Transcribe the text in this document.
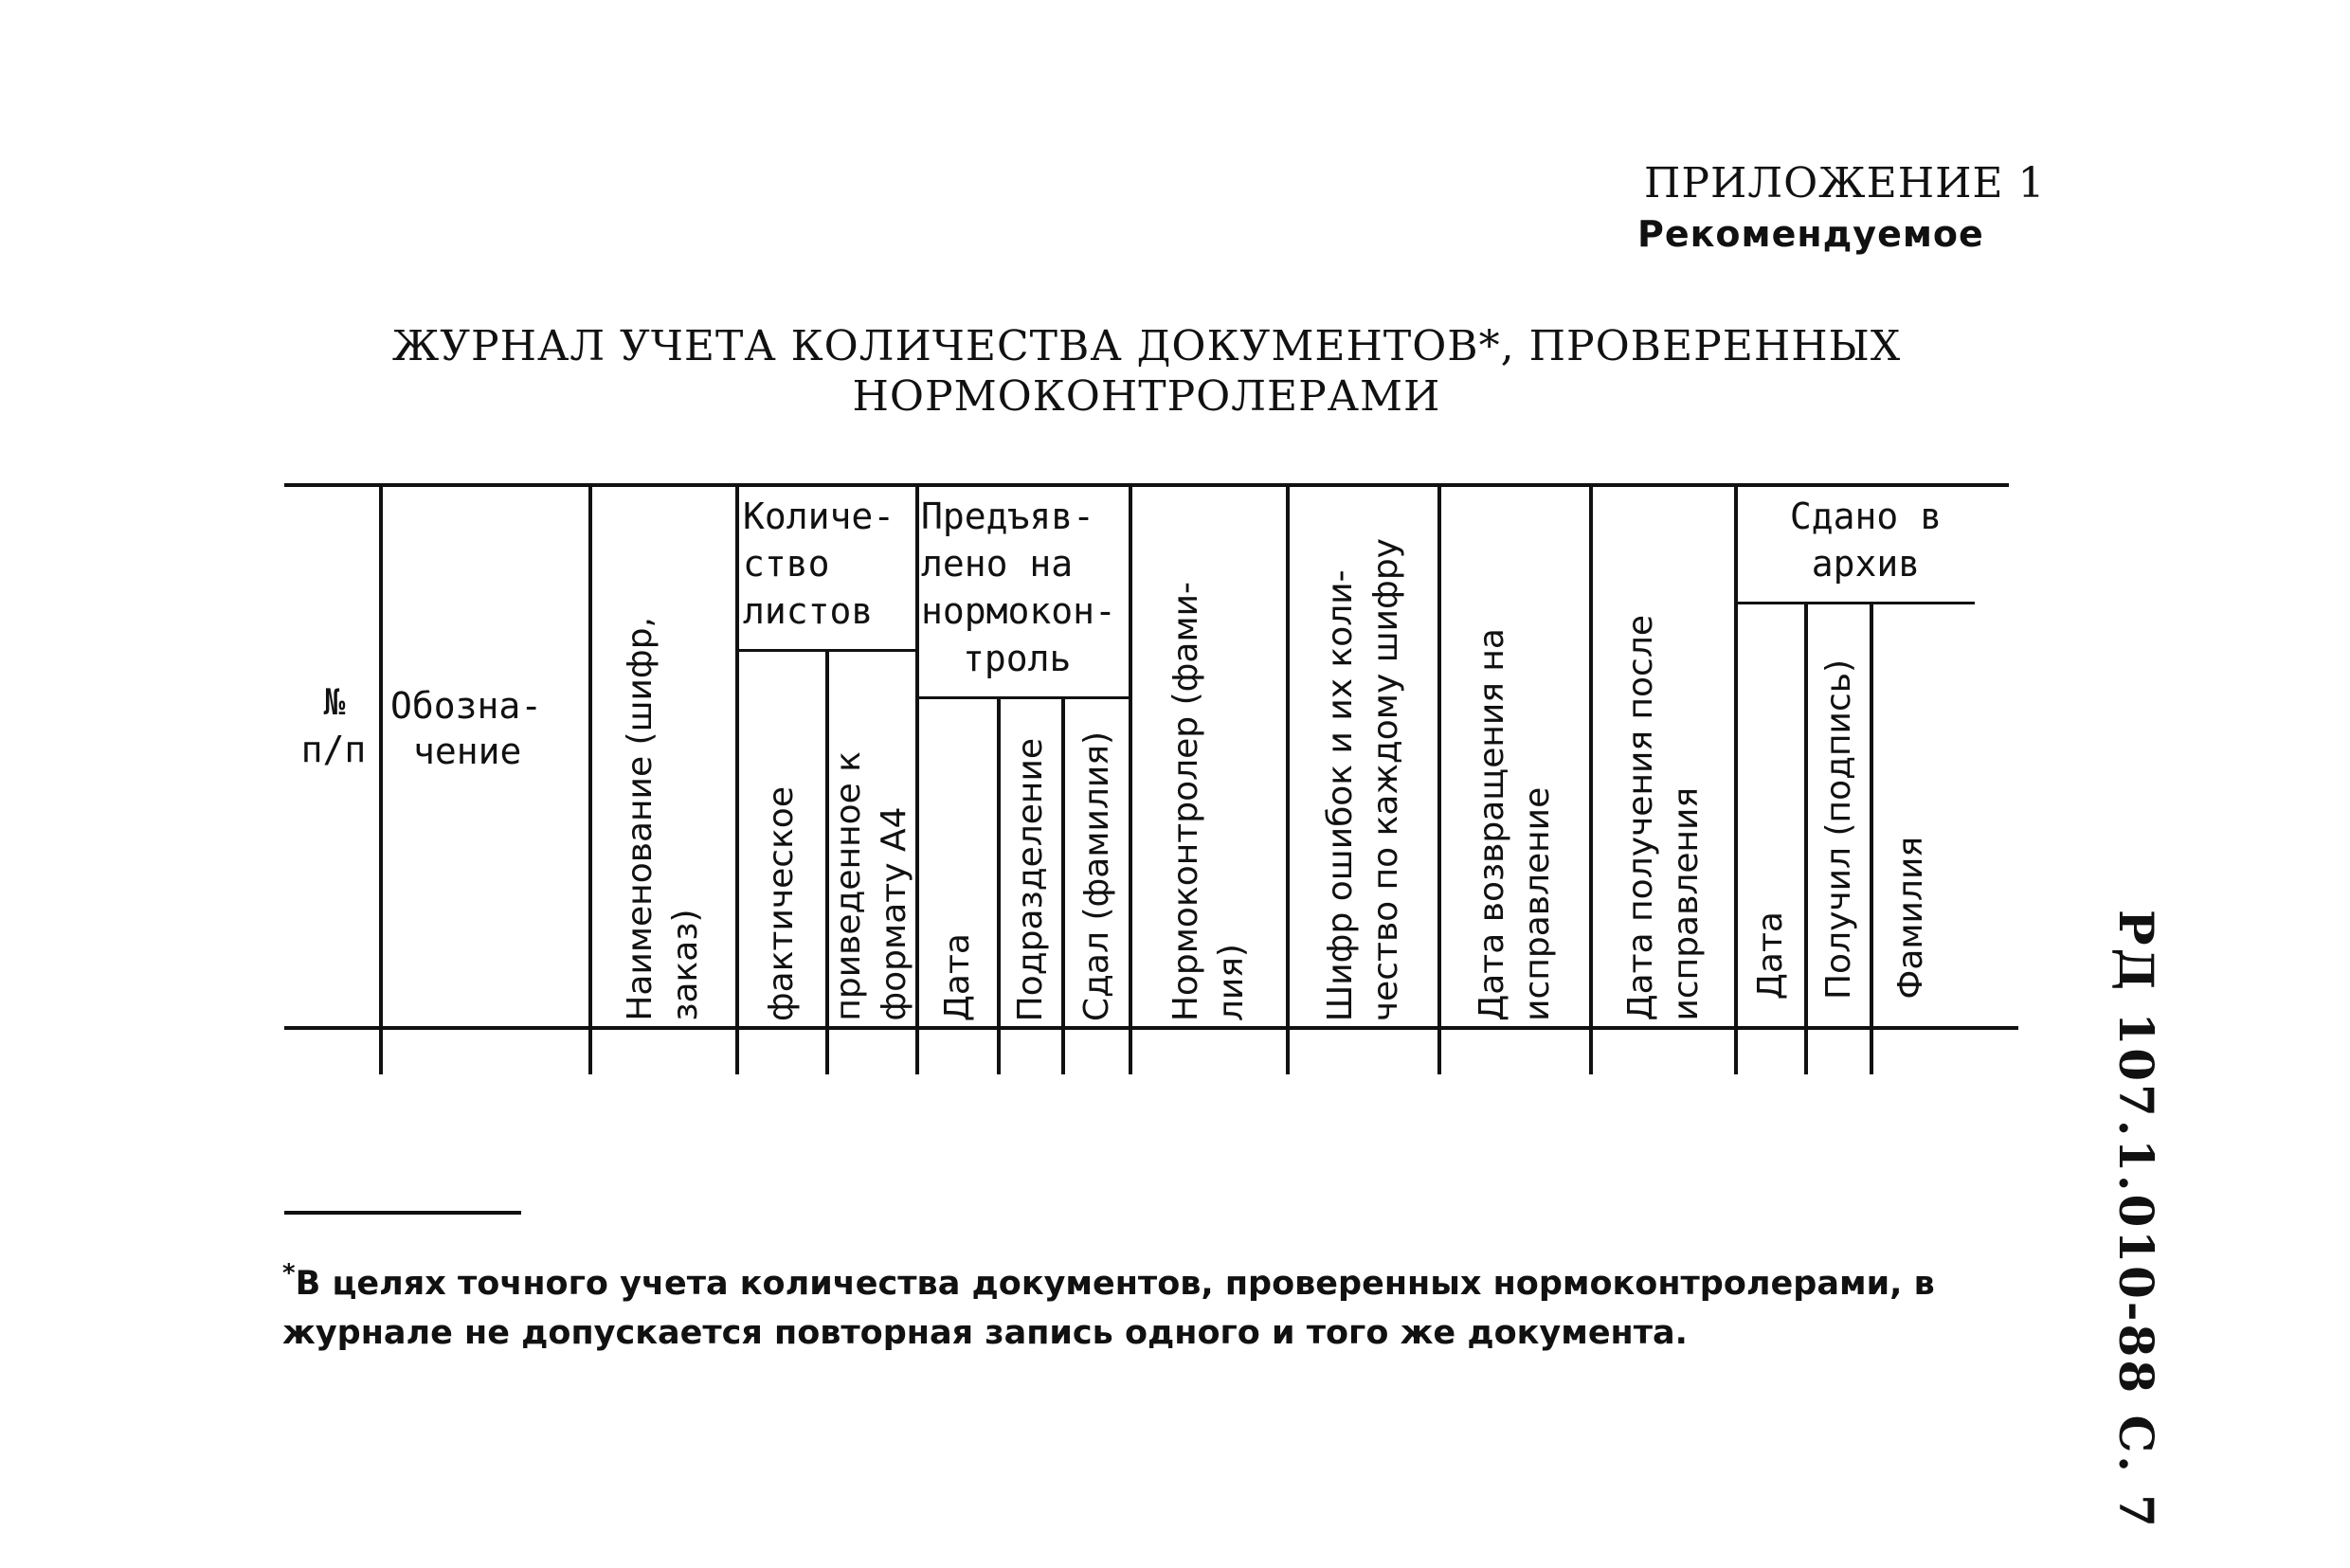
ПРИЛОЖЕНИЕ 1
Рекомендуемое
ЖУРНАЛ УЧЕТА КОЛИЧЕСТВА ДОКУМЕНТОВ*, ПРОВЕРЕННЫХ
НОРМОКОНТРОЛЕРАМИ
№
п/п
Обозна-
чение
Количе-
ство
листов
Предъяв-
лено на
нормокон-
троль
Сдано в
архив
Наименование (шифр,
заказ) фактическое приведенное к
формату А4
Дата Подразделение Сдал (фамилия) Нормоконтролер (фами-
лия) Шифр ошибок и их коли-
чество по каждому шифру
Дата возвращения на
исправление Дата получения после
исправления Дата Получил (подпись) Фамилия
*В целях точного учета количества документов, проверенных нормоконтролерами, в журнале не допускается повторная запись одного и того же документа.	РД 107.1.010-88 С. 7
